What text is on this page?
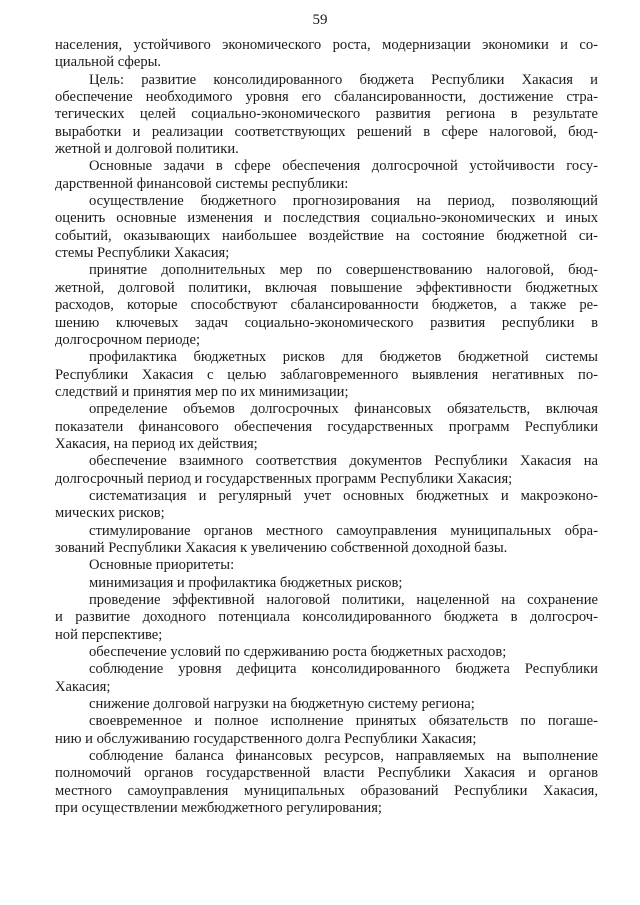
59
населения, устойчивого экономического роста, модернизации экономики и со-
циальной сферы.
Цель: развитие консолидированного бюджета Республики Хакасия и
обеспечение необходимого уровня его сбалансированности, достижение стра-
тегических целей социально-экономического развития региона в результате
выработки и реализации соответствующих решений в сфере налоговой, бюд-
жетной и долговой политики.
Основные задачи в сфере обеспечения долгосрочной устойчивости госу-
дарственной финансовой системы республики:
осуществление бюджетного прогнозирования на период, позволяющий
оценить основные изменения и последствия социально-экономических и иных
событий, оказывающих наибольшее воздействие на состояние бюджетной си-
стемы Республики Хакасия;
принятие дополнительных мер по совершенствованию налоговой, бюд-
жетной, долговой политики, включая повышение эффективности бюджетных
расходов, которые способствуют сбалансированности бюджетов, а также ре-
шению ключевых задач социально-экономического развития республики в
долгосрочном периоде;
профилактика бюджетных рисков для бюджетов бюджетной системы
Республики Хакасия с целью заблаговременного выявления негативных по-
следствий и принятия мер по их минимизации;
определение объемов долгосрочных финансовых обязательств, включая
показатели финансового обеспечения государственных программ Республики
Хакасия, на период их действия;
обеспечение взаимного соответствия документов Республики Хакасия на
долгосрочный период и государственных программ Республики Хакасия;
систематизация и регулярный учет основных бюджетных и макроэконо-
мических рисков;
стимулирование органов местного самоуправления муниципальных обра-
зований Республики Хакасия к увеличению собственной доходной базы.
Основные приоритеты:
минимизация и профилактика бюджетных рисков;
проведение эффективной налоговой политики, нацеленной на сохранение
и развитие доходного потенциала консолидированного бюджета в долгосроч-
ной перспективе;
обеспечение условий по сдерживанию роста бюджетных расходов;
соблюдение уровня дефицита консолидированного бюджета Республики
Хакасия;
снижение долговой нагрузки на бюджетную систему региона;
своевременное и полное исполнение принятых обязательств по погаше-
нию и обслуживанию государственного долга Республики Хакасия;
соблюдение баланса финансовых ресурсов, направляемых на выполнение
полномочий органов государственной власти Республики Хакасия и органов
местного самоуправления муниципальных образований Республики Хакасия,
при осуществлении межбюджетного регулирования;
